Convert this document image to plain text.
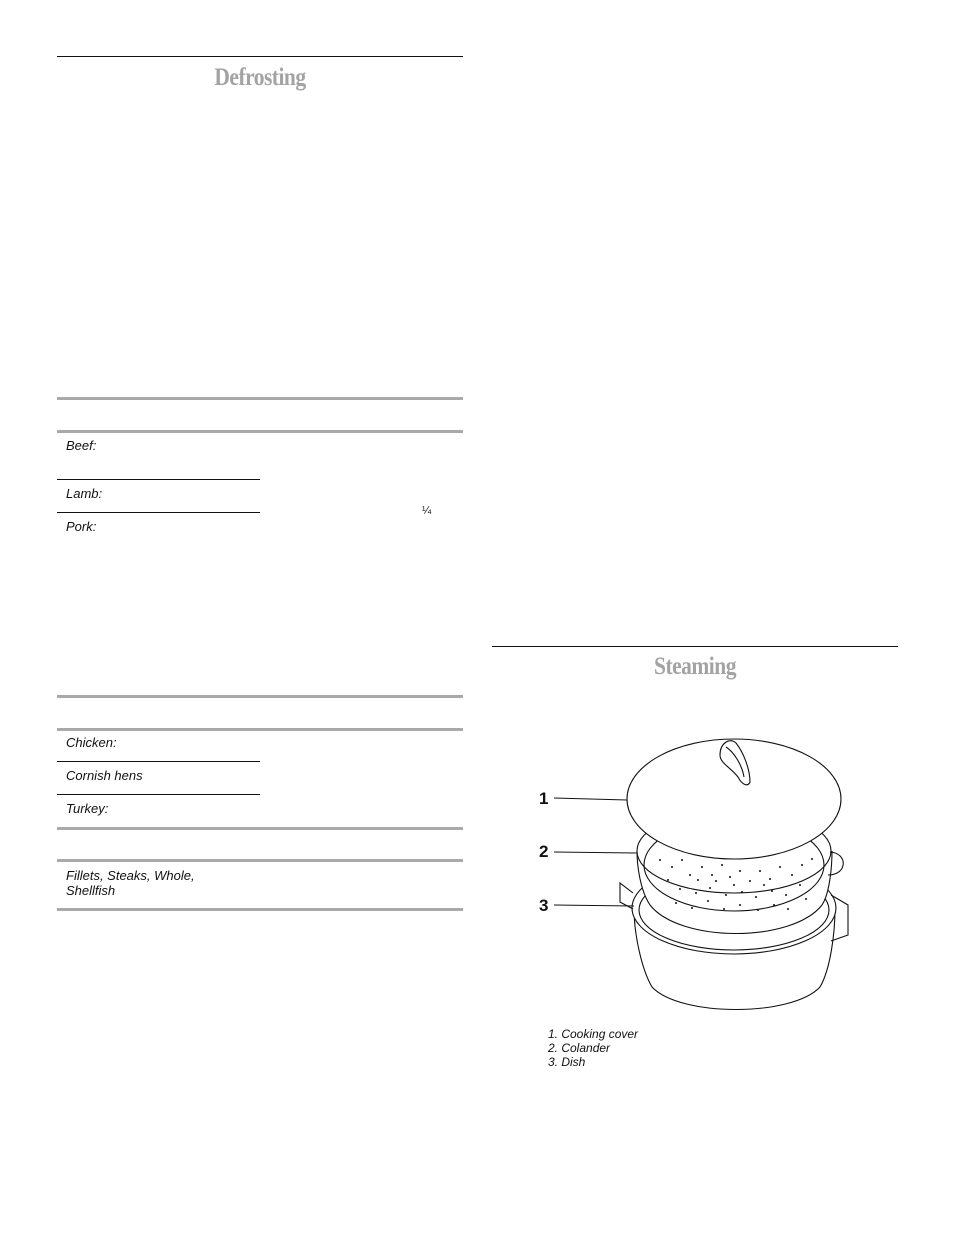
Defrosting
Beef:
Lamb:
Pork:
¼
Chicken:
Cornish hens
Turkey:
Fillets, Steaks, Whole, Shellfish
Steaming
1
2
3
1. Cooking cover
2. Colander
3. Dish
